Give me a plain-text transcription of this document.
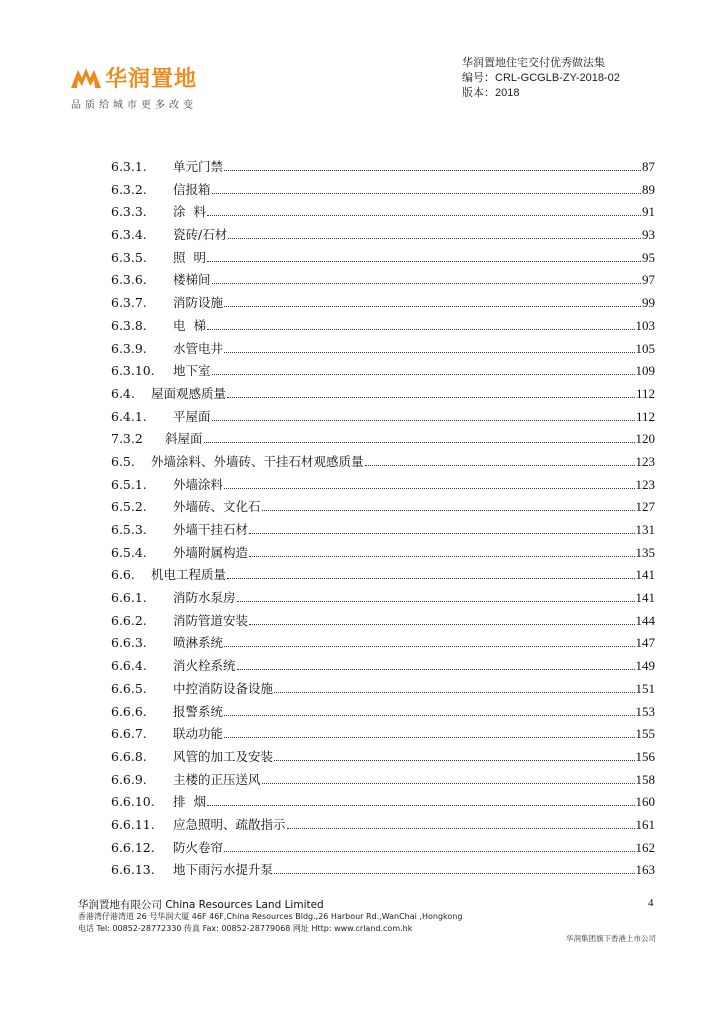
华润置地
品质给城市更多改变
华润置地住宅交付优秀做法集
编号：CRL-GCGLB-ZY-2018-02
版本：2018
6.3.1.	单元门禁	87
6.3.2.	信报箱	89
6.3.3.	涂  料	91
6.3.4.	瓷砖/石材	93
6.3.5.	照  明	95
6.3.6.	楼梯间	97
6.3.7.	消防设施	99
6.3.8.	电  梯	103
6.3.9.	水管电井	105
6.3.10.	地下室	109
6.4.	屋面观感质量	112
6.4.1.	平屋面	112
7.3.2	斜屋面	120
6.5.	外墙涂料、外墙砖、干挂石材观感质量	123
6.5.1.	外墙涂料	123
6.5.2.	外墙砖、文化石	127
6.5.3.	外墙干挂石材	131
6.5.4.	外墙附属构造	135
6.6.	机电工程质量	141
6.6.1.	消防水泵房	141
6.6.2.	消防管道安装	144
6.6.3.	喷淋系统	147
6.6.4.	消火栓系统	149
6.6.5.	中控消防设备设施	151
6.6.6.	报警系统	153
6.6.7.	联动功能	155
6.6.8.	风管的加工及安装	156
6.6.9.	主楼的正压送风	158
6.6.10.	排  烟	160
6.6.11.	应急照明、疏散指示	161
6.6.12.	防火卷帘	162
6.6.13.	地下雨污水提升泵	163
华润置地有限公司 China Resources Land Limited
香港湾仔港湾道 26 号华润大厦 46F 46F,China Resources Bldg.,26 Harbour Rd.,WanChai ,Hongkong
电话 Tel: 00852-28772330 传真 Fax: 00852-28779068 网址 Http: www.crland.com.hk
4
华润集团旗下香港上市公司
